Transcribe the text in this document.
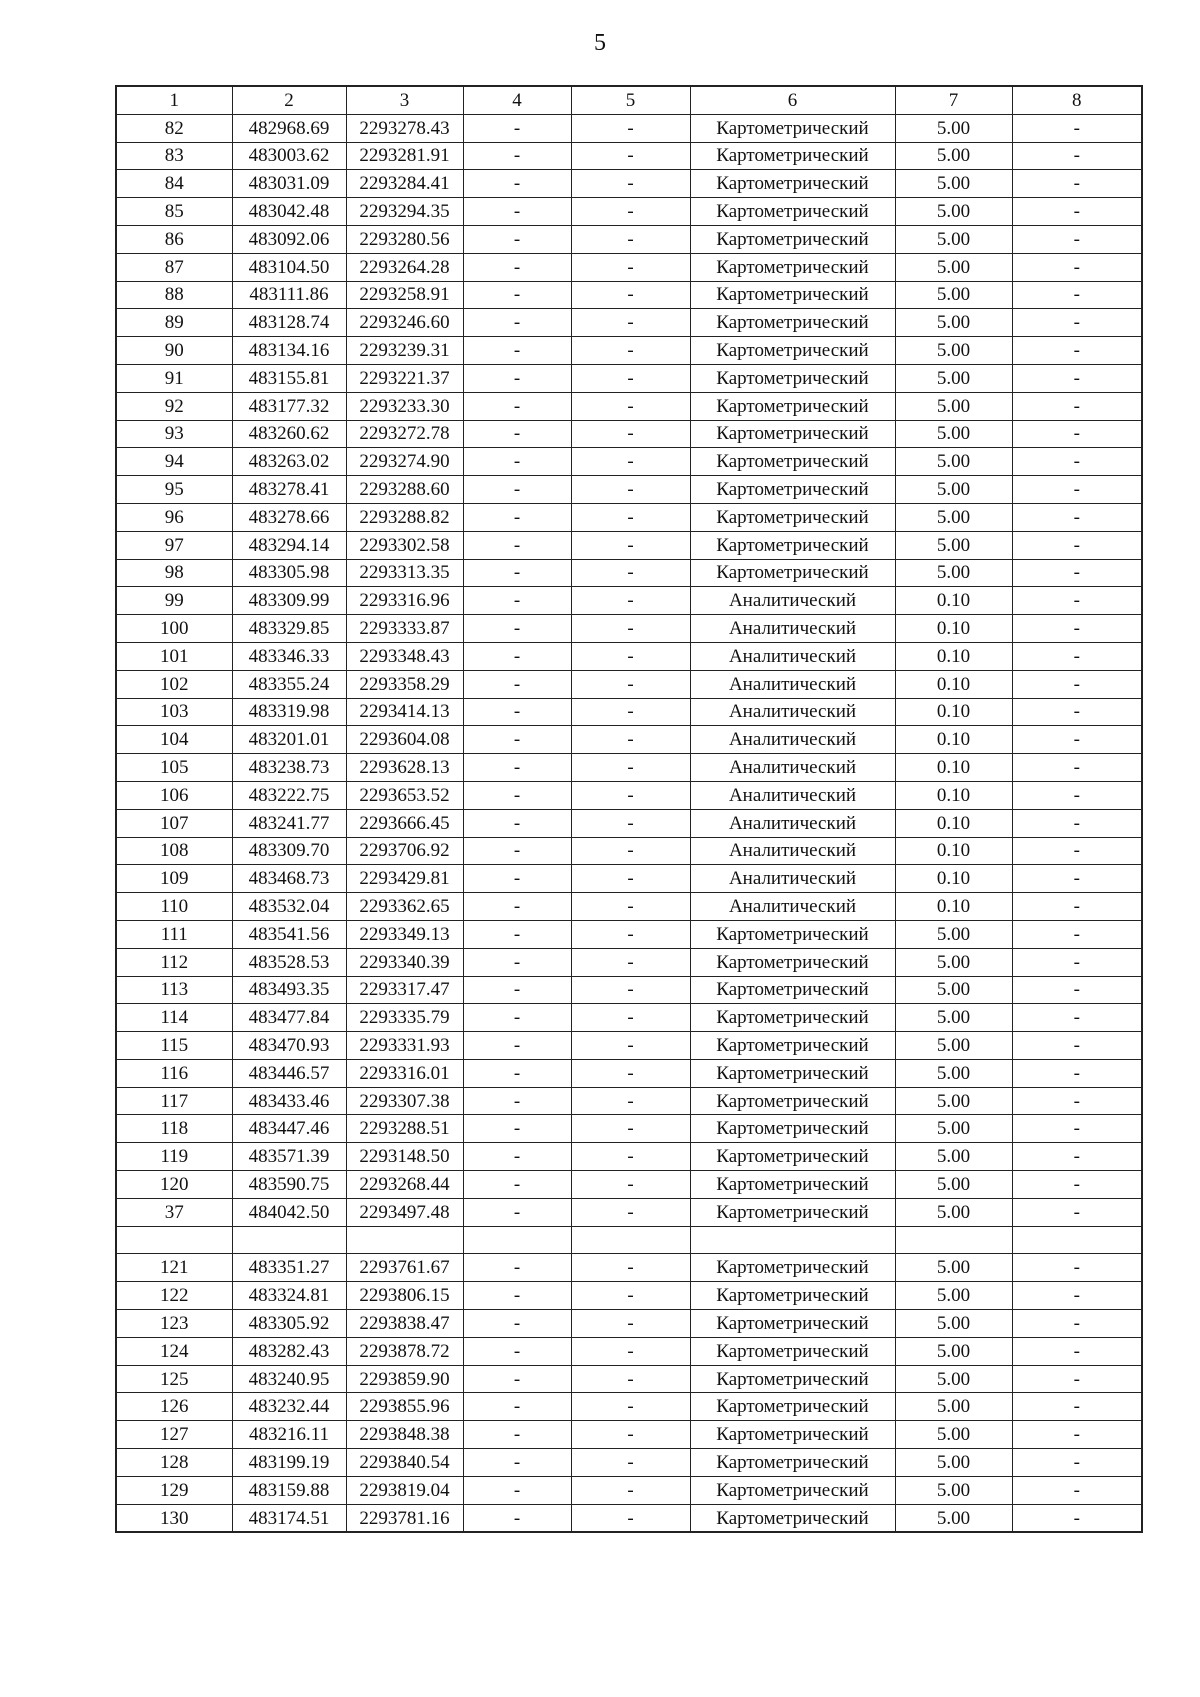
5
1	2	3	4	5	6	7	8
82	482968.69	2293278.43	-	-	Картометрический	5.00	-
83	483003.62	2293281.91	-	-	Картометрический	5.00	-
84	483031.09	2293284.41	-	-	Картометрический	5.00	-
85	483042.48	2293294.35	-	-	Картометрический	5.00	-
86	483092.06	2293280.56	-	-	Картометрический	5.00	-
87	483104.50	2293264.28	-	-	Картометрический	5.00	-
88	483111.86	2293258.91	-	-	Картометрический	5.00	-
89	483128.74	2293246.60	-	-	Картометрический	5.00	-
90	483134.16	2293239.31	-	-	Картометрический	5.00	-
91	483155.81	2293221.37	-	-	Картометрический	5.00	-
92	483177.32	2293233.30	-	-	Картометрический	5.00	-
93	483260.62	2293272.78	-	-	Картометрический	5.00	-
94	483263.02	2293274.90	-	-	Картометрический	5.00	-
95	483278.41	2293288.60	-	-	Картометрический	5.00	-
96	483278.66	2293288.82	-	-	Картометрический	5.00	-
97	483294.14	2293302.58	-	-	Картометрический	5.00	-
98	483305.98	2293313.35	-	-	Картометрический	5.00	-
99	483309.99	2293316.96	-	-	Аналитический	0.10	-
100	483329.85	2293333.87	-	-	Аналитический	0.10	-
101	483346.33	2293348.43	-	-	Аналитический	0.10	-
102	483355.24	2293358.29	-	-	Аналитический	0.10	-
103	483319.98	2293414.13	-	-	Аналитический	0.10	-
104	483201.01	2293604.08	-	-	Аналитический	0.10	-
105	483238.73	2293628.13	-	-	Аналитический	0.10	-
106	483222.75	2293653.52	-	-	Аналитический	0.10	-
107	483241.77	2293666.45	-	-	Аналитический	0.10	-
108	483309.70	2293706.92	-	-	Аналитический	0.10	-
109	483468.73	2293429.81	-	-	Аналитический	0.10	-
110	483532.04	2293362.65	-	-	Аналитический	0.10	-
111	483541.56	2293349.13	-	-	Картометрический	5.00	-
112	483528.53	2293340.39	-	-	Картометрический	5.00	-
113	483493.35	2293317.47	-	-	Картометрический	5.00	-
114	483477.84	2293335.79	-	-	Картометрический	5.00	-
115	483470.93	2293331.93	-	-	Картометрический	5.00	-
116	483446.57	2293316.01	-	-	Картометрический	5.00	-
117	483433.46	2293307.38	-	-	Картометрический	5.00	-
118	483447.46	2293288.51	-	-	Картометрический	5.00	-
119	483571.39	2293148.50	-	-	Картометрический	5.00	-
120	483590.75	2293268.44	-	-	Картометрический	5.00	-
37	484042.50	2293497.48	-	-	Картометрический	5.00	-

121	483351.27	2293761.67	-	-	Картометрический	5.00	-
122	483324.81	2293806.15	-	-	Картометрический	5.00	-
123	483305.92	2293838.47	-	-	Картометрический	5.00	-
124	483282.43	2293878.72	-	-	Картометрический	5.00	-
125	483240.95	2293859.90	-	-	Картометрический	5.00	-
126	483232.44	2293855.96	-	-	Картометрический	5.00	-
127	483216.11	2293848.38	-	-	Картометрический	5.00	-
128	483199.19	2293840.54	-	-	Картометрический	5.00	-
129	483159.88	2293819.04	-	-	Картометрический	5.00	-
130	483174.51	2293781.16	-	-	Картометрический	5.00	-
